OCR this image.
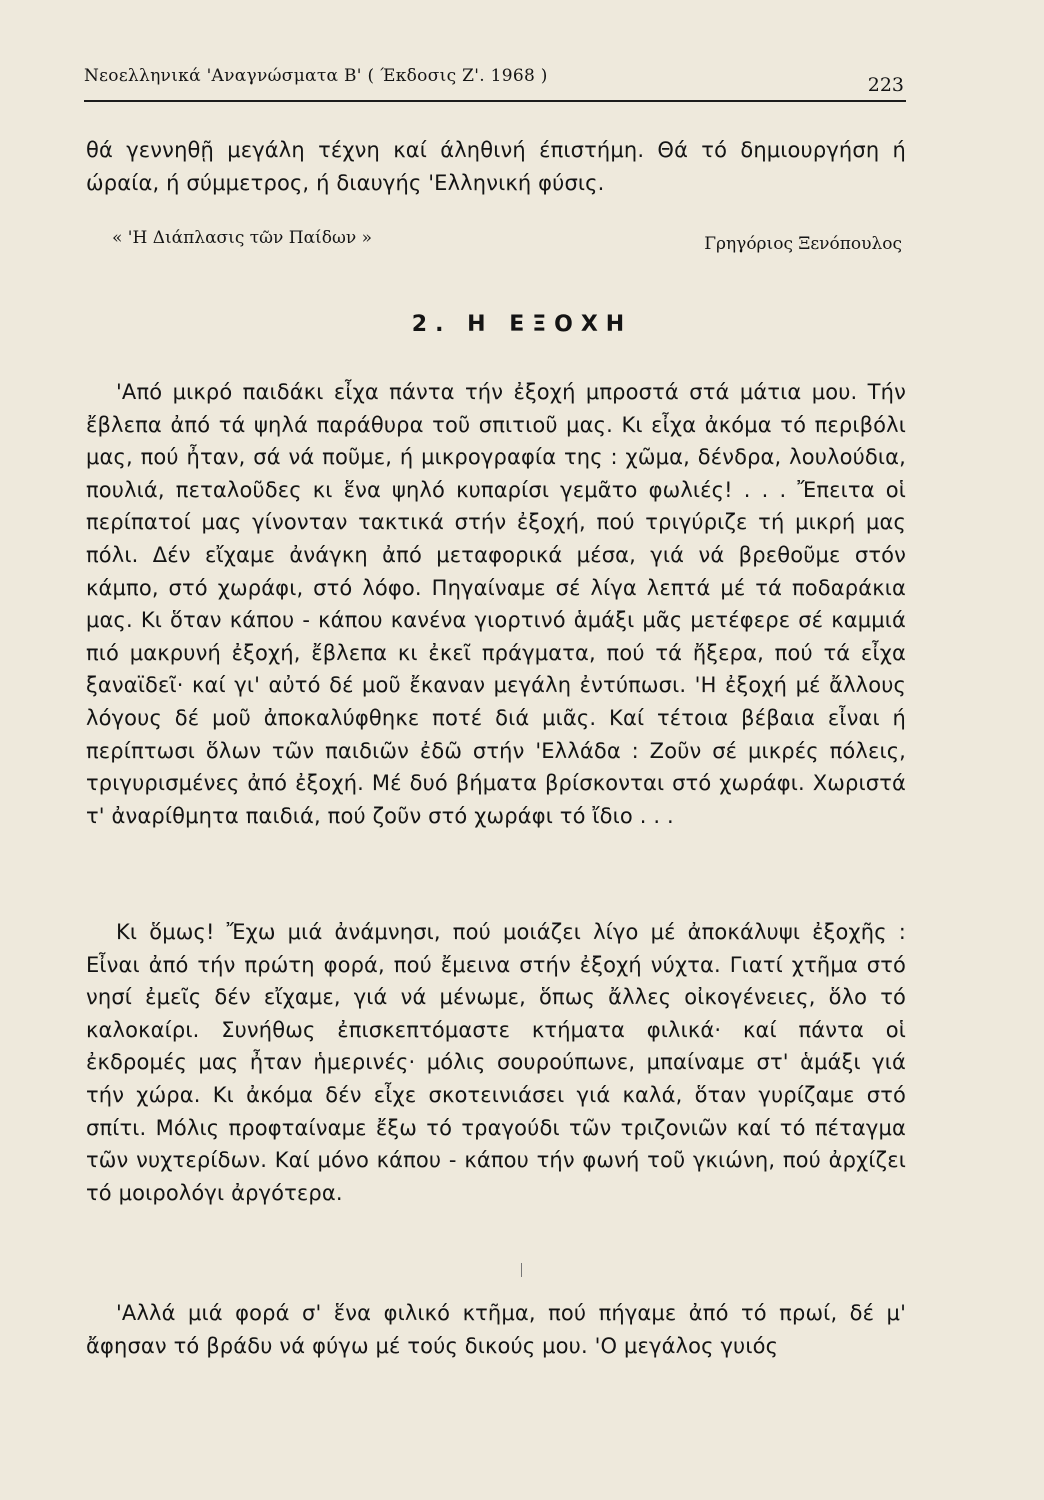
Νεοελληνικά 'Αναγνώσματα Β' ( Έκδοσις Ζ'. 1968 )	223
θά γεννηθῇ μεγάλη τέχνη καί άληθινή έπιστήμη. Θά τό δημιουργήση ή ώραία, ή σύμμετρος, ή διαυγής 'Ελληνική φύσις.
« 'Η Διάπλασις τῶν Παίδων »	Γρηγόριος Ξενόπουλος
2. Η ΕΞΟΧΗ
'Από μικρό παιδάκι εἶχα πάντα τήν ἐξοχή μπροστά στά μάτια μου. Τήν ἔβλεπα ἀπό τά ψηλά παράθυρα τοῦ σπιτιοῦ μας. Κι εἶχα ἀκόμα τό περιβόλι μας, πού ἦταν, σά νά ποῦμε, ή μικρογραφία της : χῶμα, δένδρα, λουλούδια, πουλιά, πεταλοῦδες κι ἕνα ψηλό κυπαρίσι γεμᾶτο φωλιές! . . . Ἔπειτα οἱ περίπατοί μας γίνονταν τακτικά στήν ἐξοχή, πού τριγύριζε τή μικρή μας πόλι. Δέν εἴχαμε ἀνάγκη ἀπό μεταφορικά μέσα, γιά νά βρεθοῦμε στόν κάμπο, στό χωράφι, στό λόφο. Πηγαίναμε σέ λίγα λεπτά μέ τά ποδαράκια μας. Κι ὅταν κάπου - κάπου κανένα γιορτινό ἁμάξι μᾶς μετέφερε σέ καμμιά πιό μακρυνή ἐξοχή, ἔβλεπα κι ἐκεῖ πράγματα, πού τά ἤξερα, πού τά εἶχα ξαναϊδεῖ· καί γι' αὐτό δέ μοῦ ἔκαναν μεγάλη ἐντύπωσι. 'Η ἐξοχή μέ ἄλλους λόγους δέ μοῦ ἀποκαλύφθηκε ποτέ διά μιᾶς. Καί τέτοια βέβαια εἶναι ή περίπτωσι ὅλων τῶν παιδιῶν ἐδῶ στήν 'Ελλάδα : Ζοῦν σέ μικρές πόλεις, τριγυρισμένες ἀπό ἐξοχή. Μέ δυό βήματα βρίσκονται στό χωράφι. Χωριστά τ' ἀναρίθμητα παιδιά, πού ζοῦν στό χωράφι τό ἴδιο . . .
Κι ὅμως! Ἔχω μιά ἀνάμνησι, πού μοιάζει λίγο μέ ἀποκάλυψι ἐξοχῆς : Εἶναι ἀπό τήν πρώτη φορά, πού ἔμεινα στήν ἐξοχή νύχτα. Γιατί χτῆμα στό νησί ἐμεῖς δέν εἴχαμε, γιά νά μένωμε, ὅπως ἄλλες οἰκογένειες, ὅλο τό καλοκαίρι. Συνήθως ἐπισκεπτόμαστε κτήματα φιλικά· καί πάντα οἱ ἐκδρομές μας ἦταν ἡμερινές· μόλις σουρούπωνε, μπαίναμε στ' ἁμάξι γιά τήν χώρα. Κι ἀκόμα δέν εἶχε σκοτεινιάσει γιά καλά, ὅταν γυρίζαμε στό σπίτι. Μόλις προφταίναμε ἔξω τό τραγούδι τῶν τριζονιῶν καί τό πέταγμα τῶν νυχτερίδων. Καί μόνο κάπου - κάπου τήν φωνή τοῦ γκιώνη, πού ἀρχίζει τό μοιρολόγι ἀργότερα.
'Αλλά μιά φορά σ' ἕνα φιλικό κτῆμα, πού πήγαμε ἀπό τό πρωί, δέ μ' ἄφησαν τό βράδυ νά φύγω μέ τούς δικούς μου. 'Ο μεγάλος γυιός
